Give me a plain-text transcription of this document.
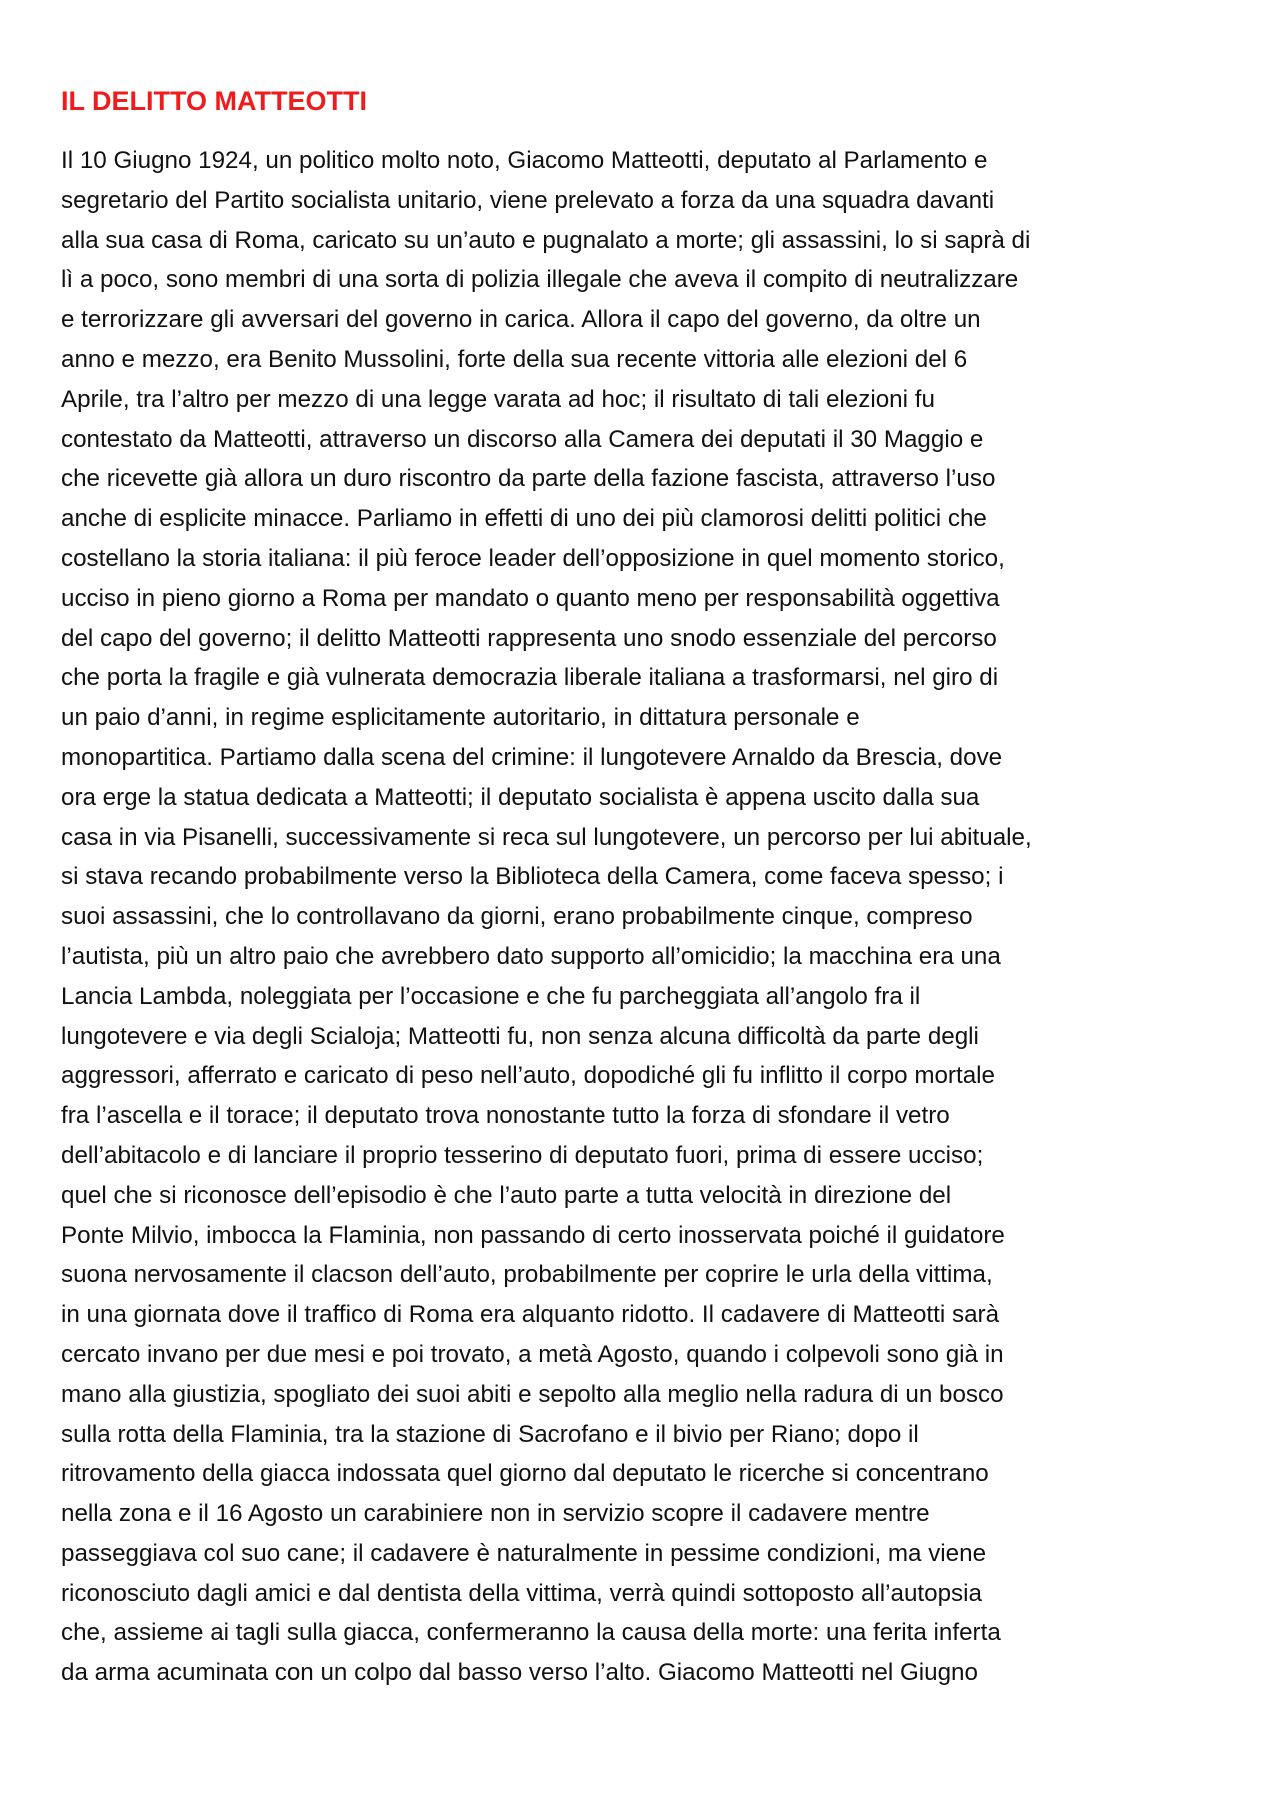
IL DELITTO MATTEOTTI
Il 10 Giugno 1924, un politico molto noto, Giacomo Matteotti, deputato al Parlamento e
segretario del Partito socialista unitario, viene prelevato a forza da una squadra davanti
alla sua casa di Roma, caricato su un’auto e pugnalato a morte; gli assassini, lo si saprà di
lì a poco, sono membri di una sorta di polizia illegale che aveva il compito di neutralizzare
e terrorizzare gli avversari del governo in carica. Allora il capo del governo, da oltre un
anno e mezzo, era Benito Mussolini, forte della sua recente vittoria alle elezioni del 6
Aprile, tra l’altro per mezzo di una legge varata ad hoc; il risultato di tali elezioni fu
contestato da Matteotti, attraverso un discorso alla Camera dei deputati il 30 Maggio e
che ricevette già allora un duro riscontro da parte della fazione fascista, attraverso l’uso
anche di esplicite minacce. Parliamo in effetti di uno dei più clamorosi delitti politici che
costellano la storia italiana: il più feroce leader dell’opposizione in quel momento storico,
ucciso in pieno giorno a Roma per mandato o quanto meno per responsabilità oggettiva
del capo del governo; il delitto Matteotti rappresenta uno snodo essenziale del percorso
che porta la fragile e già vulnerata democrazia liberale italiana a trasformarsi, nel giro di
un paio d’anni, in regime esplicitamente autoritario, in dittatura personale e
monopartitica. Partiamo dalla scena del crimine: il lungotevere Arnaldo da Brescia, dove
ora erge la statua dedicata a Matteotti; il deputato socialista è appena uscito dalla sua
casa in via Pisanelli, successivamente si reca sul lungotevere, un percorso per lui abituale,
si stava recando probabilmente verso la Biblioteca della Camera, come faceva spesso; i
suoi assassini, che lo controllavano da giorni, erano probabilmente cinque, compreso
l’autista, più un altro paio che avrebbero dato supporto all’omicidio; la macchina era una
Lancia Lambda, noleggiata per l’occasione e che fu parcheggiata all’angolo fra il
lungotevere e via degli Scialoja; Matteotti fu, non senza alcuna difficoltà da parte degli
aggressori, afferrato e caricato di peso nell’auto, dopodiché gli fu inflitto il corpo mortale
fra l’ascella e il torace; il deputato trova nonostante tutto la forza di sfondare il vetro
dell’abitacolo e di lanciare il proprio tesserino di deputato fuori, prima di essere ucciso;
quel che si riconosce dell’episodio è che l’auto parte a tutta velocità in direzione del
Ponte Milvio, imbocca la Flaminia, non passando di certo inosservata poiché il guidatore
suona nervosamente il clacson dell’auto, probabilmente per coprire le urla della vittima,
in una giornata dove il traffico di Roma era alquanto ridotto. Il cadavere di Matteotti sarà
cercato invano per due mesi e poi trovato, a metà Agosto, quando i colpevoli sono già in
mano alla giustizia, spogliato dei suoi abiti e sepolto alla meglio nella radura di un bosco
sulla rotta della Flaminia, tra la stazione di Sacrofano e il bivio per Riano; dopo il
ritrovamento della giacca indossata quel giorno dal deputato le ricerche si concentrano
nella zona e il 16 Agosto un carabiniere non in servizio scopre il cadavere mentre
passeggiava col suo cane; il cadavere è naturalmente in pessime condizioni, ma viene
riconosciuto dagli amici e dal dentista della vittima, verrà quindi sottoposto all’autopsia
che, assieme ai tagli sulla giacca, confermeranno la causa della morte: una ferita inferta
da arma acuminata con un colpo dal basso verso l’alto. Giacomo Matteotti nel Giugno
